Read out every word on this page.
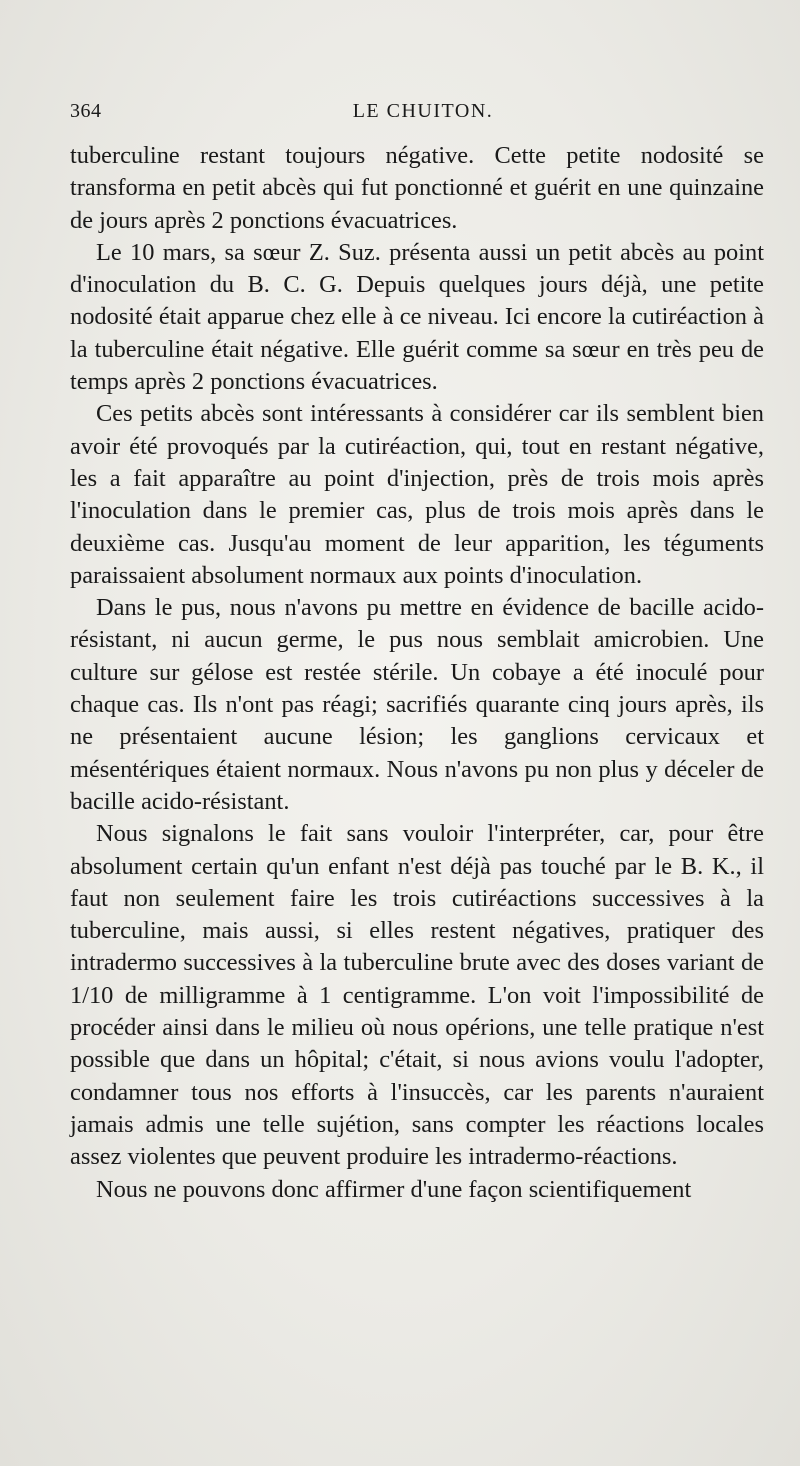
364	LE CHUITON.

tuberculine restant toujours négative. Cette petite nodosité se transforma en petit abcès qui fut ponctionné et guérit en une quinzaine de jours après 2 ponctions évacuatrices.

Le 10 mars, sa sœur Z. Suz. présenta aussi un petit abcès au point d'inoculation du B. C. G. Depuis quelques jours déjà, une petite nodosité était apparue chez elle à ce niveau. Ici encore la cutiréaction à la tuberculine était négative. Elle guérit comme sa sœur en très peu de temps après 2 ponctions évacuatrices.

Ces petits abcès sont intéressants à considérer car ils semblent bien avoir été provoqués par la cutiréaction, qui, tout en restant négative, les a fait apparaître au point d'injection, près de trois mois après l'inoculation dans le premier cas, plus de trois mois après dans le deuxième cas. Jusqu'au moment de leur apparition, les téguments paraissaient absolument normaux aux points d'inoculation.

Dans le pus, nous n'avons pu mettre en évidence de bacille acido-résistant, ni aucun germe, le pus nous semblait amicrobien. Une culture sur gélose est restée stérile. Un cobaye a été inoculé pour chaque cas. Ils n'ont pas réagi; sacrifiés quarante cinq jours après, ils ne présentaient aucune lésion; les ganglions cervicaux et mésentériques étaient normaux. Nous n'avons pu non plus y déceler de bacille acido-résistant.

Nous signalons le fait sans vouloir l'interpréter, car, pour être absolument certain qu'un enfant n'est déjà pas touché par le B. K., il faut non seulement faire les trois cutiréactions successives à la tuberculine, mais aussi, si elles restent négatives, pratiquer des intradermo successives à la tuberculine brute avec des doses variant de 1/10 de milligramme à 1 centigramme. L'on voit l'impossibilité de procéder ainsi dans le milieu où nous opérions, une telle pratique n'est possible que dans un hôpital; c'était, si nous avions voulu l'adopter, condamner tous nos efforts à l'insuccès, car les parents n'auraient jamais admis une telle sujétion, sans compter les réactions locales assez violentes que peuvent produire les intradermo-réactions.

Nous ne pouvons donc affirmer d'une façon scientifiquement
